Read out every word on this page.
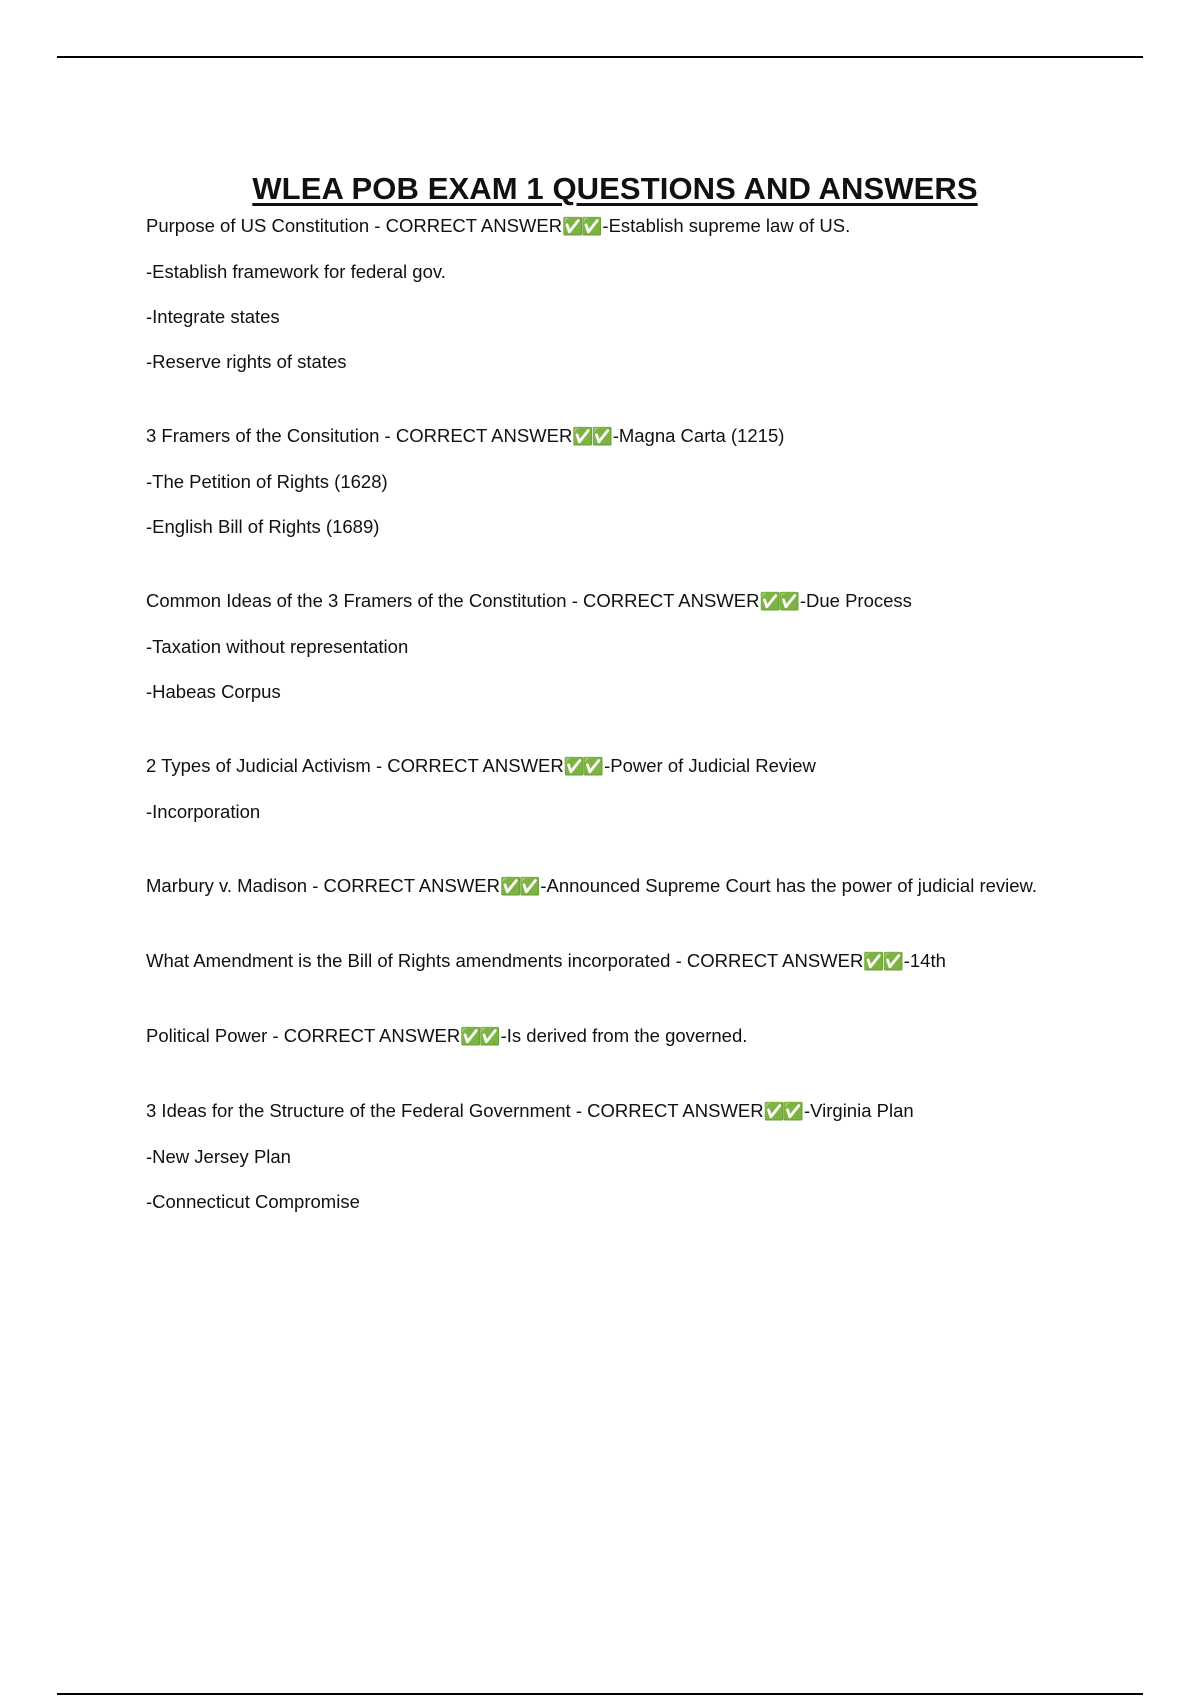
WLEA POB EXAM 1 QUESTIONS AND ANSWERS
Purpose of US Constitution - CORRECT ANSWER✅✅ -Establish supreme law of US.
-Establish framework for federal gov.
-Integrate states
-Reserve rights of states
3 Framers of the Consitution - CORRECT ANSWER✅✅ -Magna Carta (1215)
-The Petition of Rights (1628)
-English Bill of Rights (1689)
Common Ideas of the 3 Framers of the Constitution - CORRECT ANSWER✅✅ -Due Process
-Taxation without representation
-Habeas Corpus
2 Types of Judicial Activism - CORRECT ANSWER✅✅ -Power of Judicial Review
-Incorporation
Marbury v. Madison - CORRECT ANSWER✅✅ -Announced Supreme Court has the power of judicial review.
What Amendment is the Bill of Rights amendments incorporated - CORRECT ANSWER✅✅ -14th
Political Power - CORRECT ANSWER✅✅ -Is derived from the governed.
3 Ideas for the Structure of the Federal Government - CORRECT ANSWER✅✅ -Virginia Plan
-New Jersey Plan
-Connecticut Compromise
